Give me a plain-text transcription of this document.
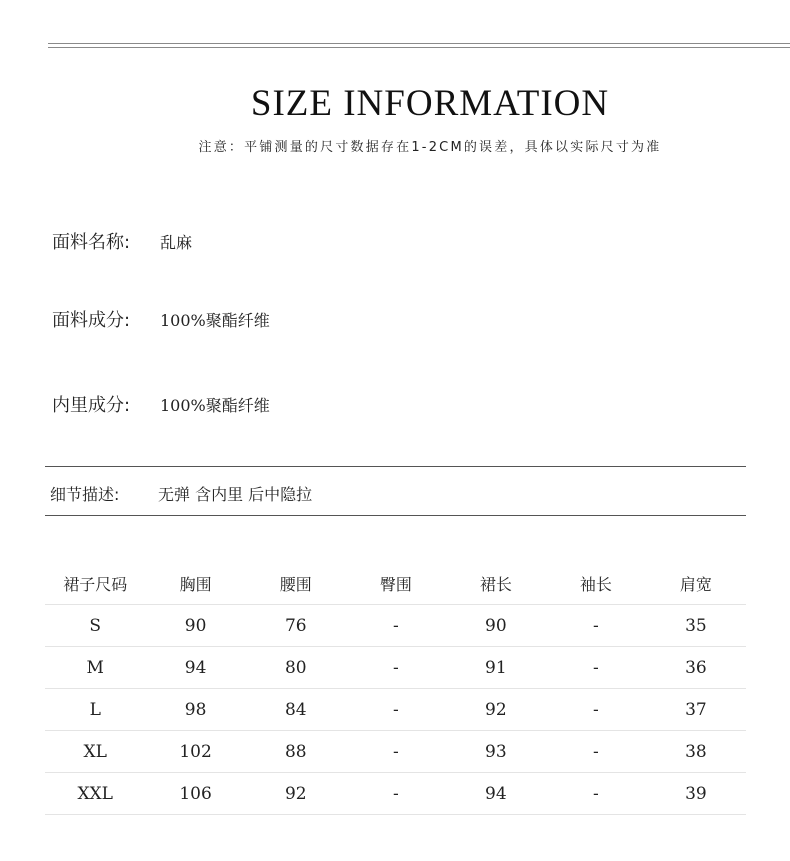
SIZE INFORMATION
注意：平铺测量的尺寸数据存在1-2CM的误差，具体以实际尺寸为准
面料名称: 乱麻
面料成分: 100%聚酯纤维
内里成分: 100%聚酯纤维
细节描述: 无弹 含内里 后中隐拉
裙子尺码	胸围	腰围	臀围	裙长	袖长	肩宽
S	90	76	-	90	-	35
M	94	80	-	91	-	36
L	98	84	-	92	-	37
XL	102	88	-	93	-	38
XXL	106	92	-	94	-	39
